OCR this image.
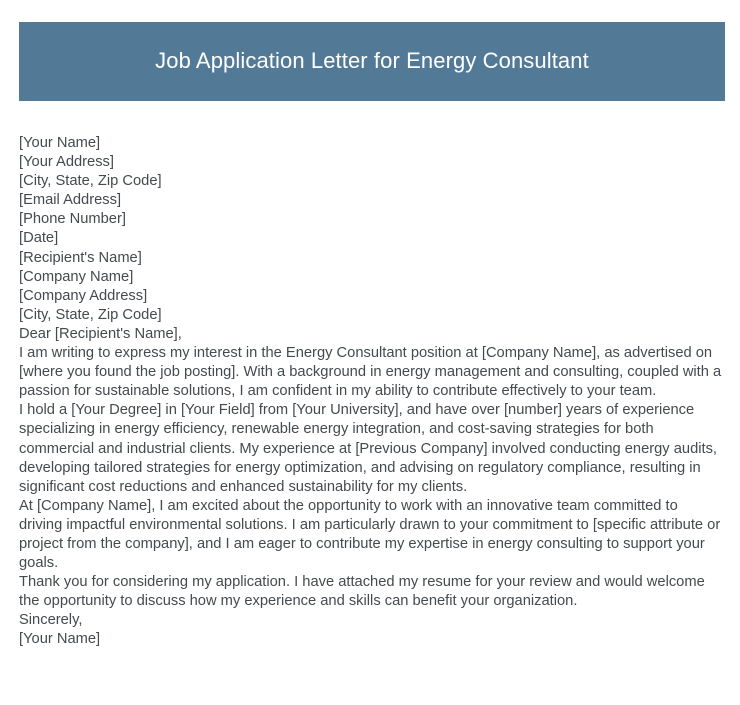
Job Application Letter for Energy Consultant
[Your Name]
[Your Address]
[City, State, Zip Code]
[Email Address]
[Phone Number]
[Date]
[Recipient's Name]
[Company Name]
[Company Address]
[City, State, Zip Code]
Dear [Recipient's Name],

I am writing to express my interest in the Energy Consultant position at [Company Name], as advertised on [where you found the job posting]. With a background in energy management and consulting, coupled with a passion for sustainable solutions, I am confident in my ability to contribute effectively to your team.

I hold a [Your Degree] in [Your Field] from [Your University], and have over [number] years of experience specializing in energy efficiency, renewable energy integration, and cost-saving strategies for both commercial and industrial clients. My experience at [Previous Company] involved conducting energy audits, developing tailored strategies for energy optimization, and advising on regulatory compliance, resulting in significant cost reductions and enhanced sustainability for my clients.

At [Company Name], I am excited about the opportunity to work with an innovative team committed to driving impactful environmental solutions. I am particularly drawn to your commitment to [specific attribute or project from the company], and I am eager to contribute my expertise in energy consulting to support your goals.

Thank you for considering my application. I have attached my resume for your review and would welcome the opportunity to discuss how my experience and skills can benefit your organization.

Sincerely,
[Your Name]
